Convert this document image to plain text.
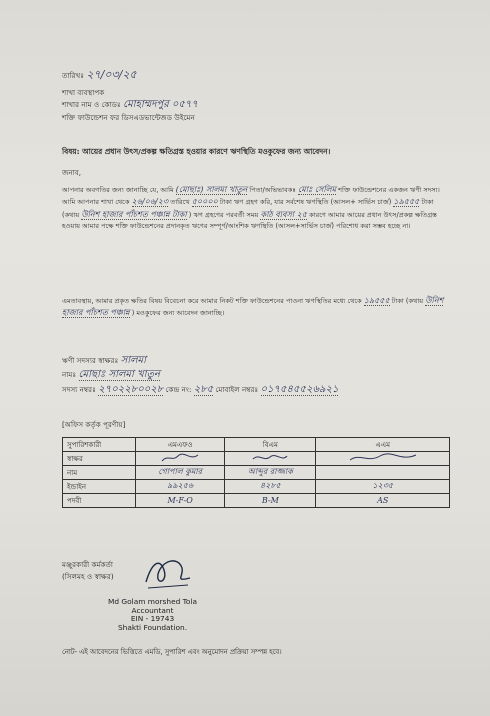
তারিখঃ ২৭/০৩/২৫
শাখা ব্যবস্থাপক
শাখার নাম ও কোডঃ মোহাম্মদপুর ০৫৭৭
শক্তি ফাউন্ডেশন ফর ডিসএডভান্টেজড উইমেন
বিষয়: আয়ের প্রধান উৎস/প্রকল্প ক্ষতিগ্রস্ত হওয়ার কারণে ঋণস্থিতি মওকুফের জন্য আবেদন।
জনাব,
আপনার অবগতির জন্য জানাচ্ছি যে, আমি (মোছাঃ) সালমা খাতুন পিতা/অভিভাবকঃ মোঃ সেলিম শক্তি ফাউন্ডেশনের একজন ঋণী সদস্য। আমি আপনার শাখা থেকে ২৬/০৬/২৩ তারিখে ৫০০০০ টাকা ঋণ গ্রহণ করি, যার সর্বশেষ ঋণস্থিতি (আসল+ সার্ভিস চার্জ) ১৯৫৫৫ টাকা (কথায় উনিশ হাজার পাঁচশত পঞ্চান্ন টাকা ) ঋণ গ্রহণের পরবর্তী সময় কাঠ ব্যবসা ২৫ কারণে আমার আয়ের প্রধান উৎস/প্রকল্প ক্ষতিগ্রস্ত হওয়ায় আমার পক্ষে শক্তি ফাউন্ডেশনের প্রদানকৃত ঋণের সম্পূর্ণ/আংশিক ঋণস্থিতি (আসল+সার্ভিস চার্জ) পরিশোধ করা সম্ভব হচ্ছে না।
এমতাবস্থায়, আমার প্রকৃত ক্ষতির বিষয় বিবেচনা করে আমার নিকট শক্তি ফাউন্ডেশনের পাওনা ঋণস্থিতির মধ্যে থেকে ১৯৫৫৫ টাকা (কথায় উনিশ হাজার পাঁচশত পঞ্চান্ন ) মওকুফের জন্য আবেদন জানাচ্ছি।
ঋণী সদস্যর স্বাক্ষরঃ সালমা
নামঃ মোছাঃ সালমা খাতুন
সদস্য নম্বরঃ ২৭০২২৮০০২৮ কেন্দ্র নং: ২৮৫ মোবাইল নম্বরঃ ০১৭৫৪৫৫২৬৯২১
[অফিস কর্তৃক পূরণীয়]
সুপারিশকারী	এমএফও	বিএম	এএম
স্বাক্ষর			
নাম	গোপাল কুমার	আব্দুর রাজ্জাক	
ইন্ডাইন	৯৯২৫৬	৪২৮৫	১২৩৫
পদবী	M-F-O	B-M	AS
মঞ্জুরকারী কর্মকর্তা
(সিলমহ ও স্বাক্ষর)
Md Golam morshed Tola
Accountant
EIN - 19743
Shakti Foundation.
নোট- এই আবেদনের ভিত্তিতে এমডি, সুপারিশ এবং অনুমোদন প্রক্রিয়া সম্পন্ন হবে।
